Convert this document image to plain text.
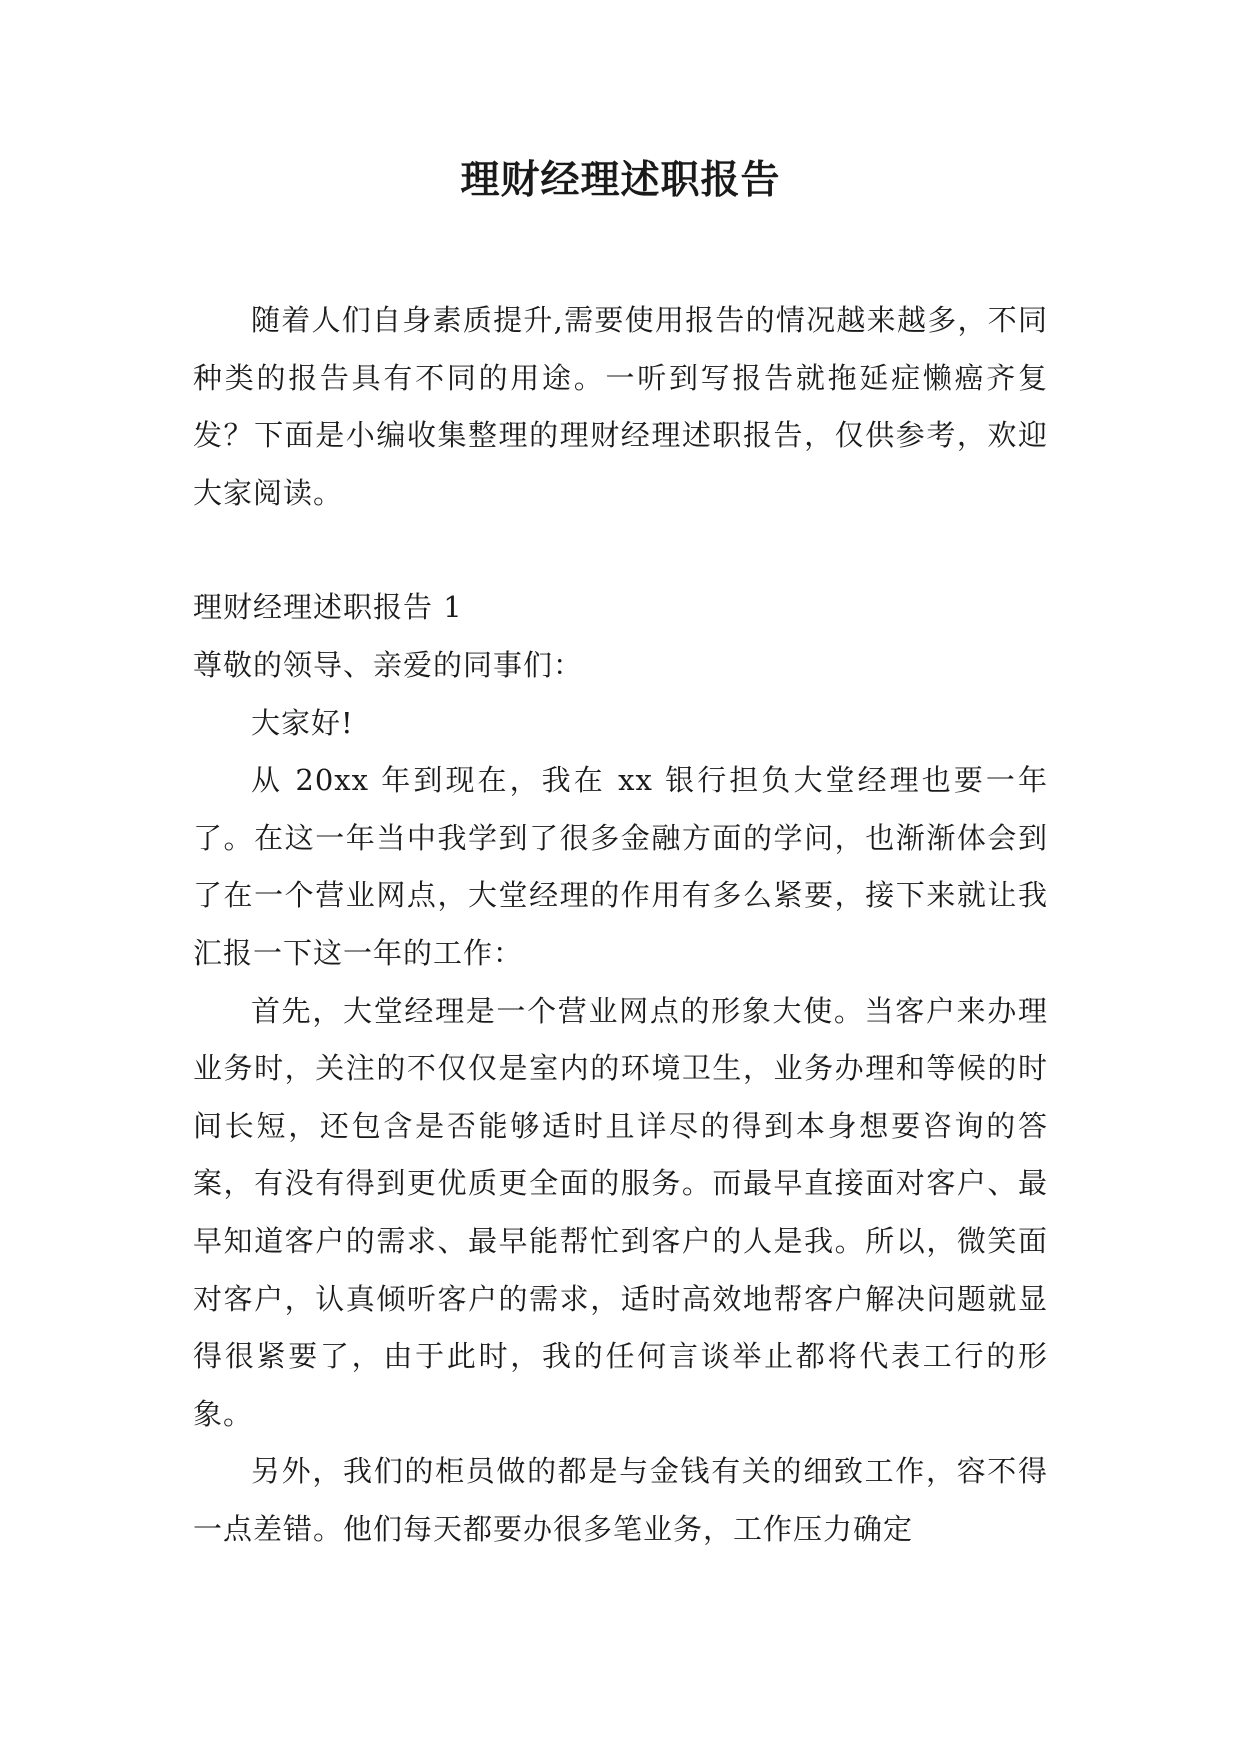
理财经理述职报告

随着人们自身素质提升,需要使用报告的情况越来越多，不同种类的报告具有不同的用途。一听到写报告就拖延症懒癌齐复发？下面是小编收集整理的理财经理述职报告，仅供参考，欢迎大家阅读。

理财经理述职报告 1

尊敬的领导、亲爱的同事们：

大家好!

从 20xx 年到现在，我在 xx 银行担负大堂经理也要一年了。在这一年当中我学到了很多金融方面的学问，也渐渐体会到了在一个营业网点，大堂经理的作用有多么紧要，接下来就让我汇报一下这一年的工作：

首先，大堂经理是一个营业网点的形象大使。当客户来办理业务时，关注的不仅仅是室内的环境卫生，业务办理和等候的时间长短，还包含是否能够适时且详尽的得到本身想要咨询的答案，有没有得到更优质更全面的服务。而最早直接面对客户、最早知道客户的需求、最早能帮忙到客户的人是我。所以，微笑面对客户，认真倾听客户的需求，适时高效地帮客户解决问题就显得很紧要了，由于此时，我的任何言谈举止都将代表工行的形象。

另外，我们的柜员做的都是与金钱有关的细致工作，容不得一点差错。他们每天都要办很多笔业务，工作压力确定
